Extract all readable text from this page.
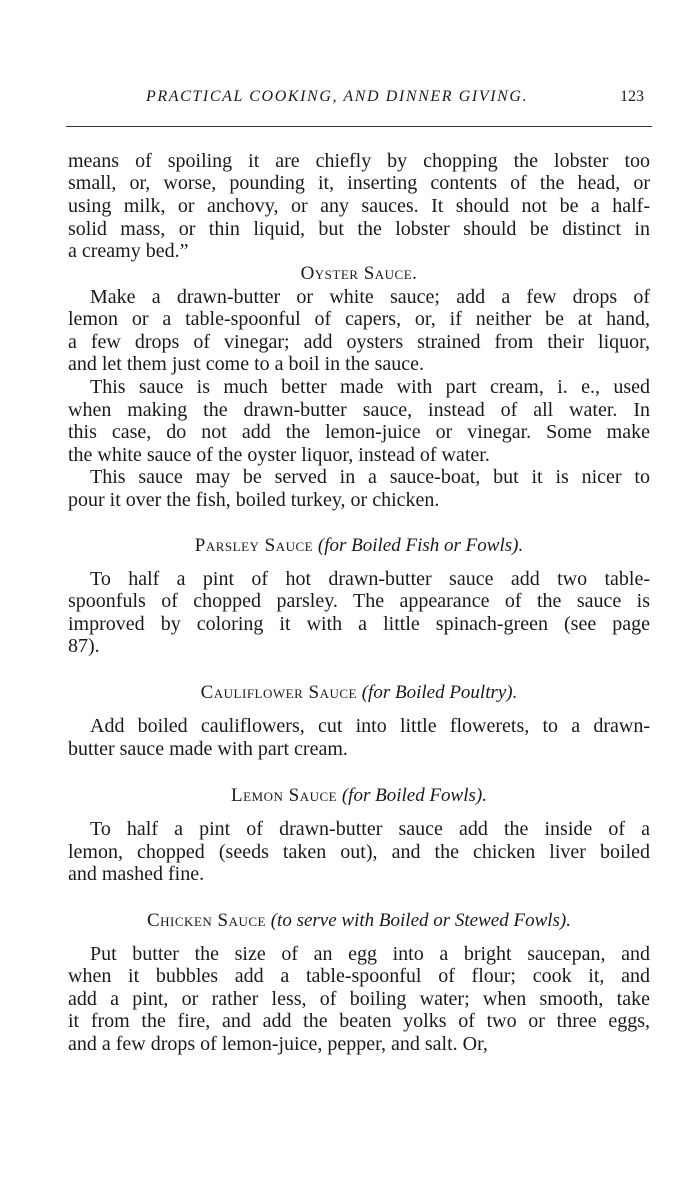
PRACTICAL COOKING, AND DINNER GIVING.	123
means of spoiling it are chiefly by chopping the lobster too
small, or, worse, pounding it, inserting contents of the head, or
using milk, or anchovy, or any sauces. It should not be a half-
solid mass, or thin liquid, but the lobster should be distinct in
a creamy bed.”
Oyster Sauce.
Make a drawn-butter or white sauce; add a few drops of
lemon or a table-spoonful of capers, or, if neither be at hand,
a few drops of vinegar; add oysters strained from their liquor,
and let them just come to a boil in the sauce.
This sauce is much better made with part cream, i. e., used
when making the drawn-butter sauce, instead of all water. In
this case, do not add the lemon-juice or vinegar. Some make
the white sauce of the oyster liquor, instead of water.
This sauce may be served in a sauce-boat, but it is nicer to
pour it over the fish, boiled turkey, or chicken.
Parsley Sauce (for Boiled Fish or Fowls).
To half a pint of hot drawn-butter sauce add two table-
spoonfuls of chopped parsley. The appearance of the sauce is
improved by coloring it with a little spinach-green (see page
87).
Cauliflower Sauce (for Boiled Poultry).
Add boiled cauliflowers, cut into little flowerets, to a drawn-
butter sauce made with part cream.
Lemon Sauce (for Boiled Fowls).
To half a pint of drawn-butter sauce add the inside of a
lemon, chopped (seeds taken out), and the chicken liver boiled
and mashed fine.
Chicken Sauce (to serve with Boiled or Stewed Fowls).
Put butter the size of an egg into a bright saucepan, and
when it bubbles add a table-spoonful of flour; cook it, and
add a pint, or rather less, of boiling water; when smooth, take
it from the fire, and add the beaten yolks of two or three eggs,
and a few drops of lemon-juice, pepper, and salt. Or,
